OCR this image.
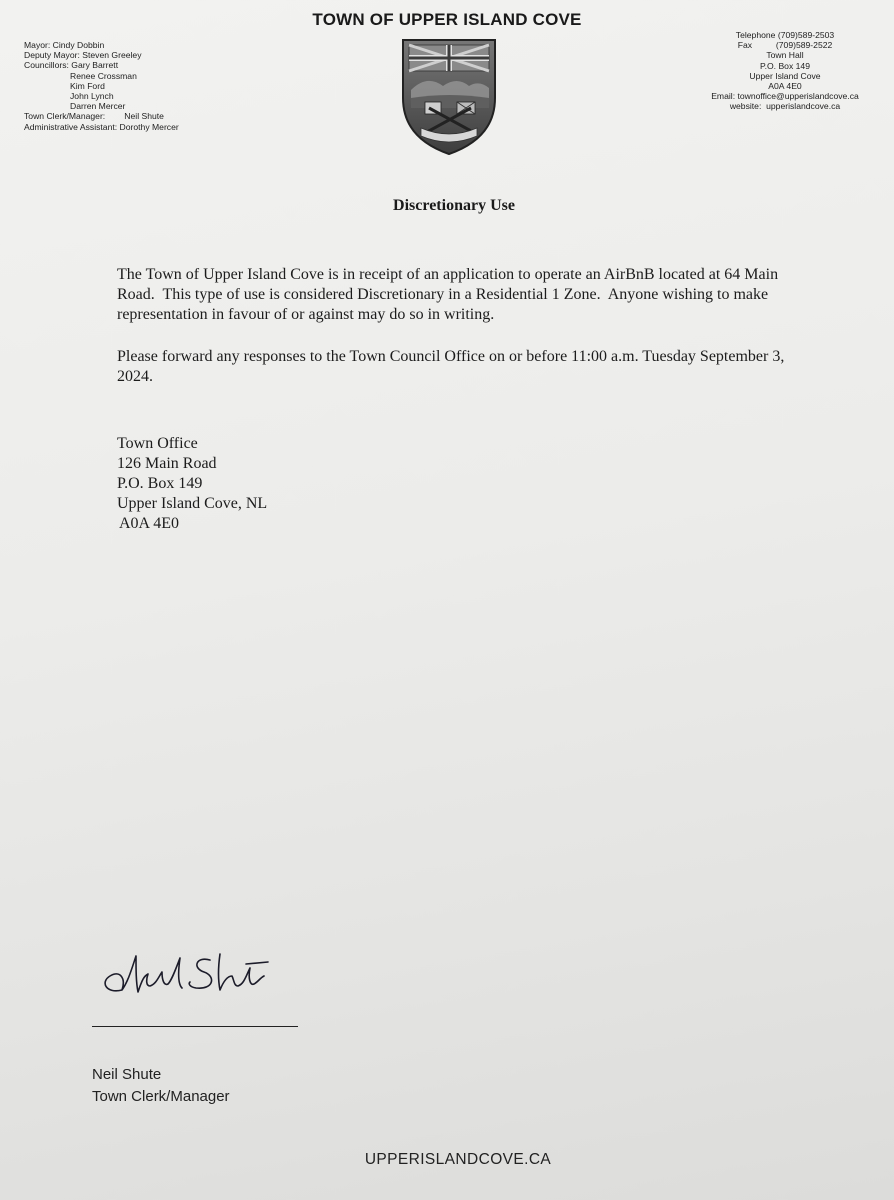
TOWN OF UPPER ISLAND COVE
Mayor: Cindy Dobbin
Deputy Mayor: Steven Greeley
Councillors: Gary Barrett
Renee Crossman
Kim Ford
John Lynch
Darren Mercer
Town Clerk/Manager:        Neil Shute
Administrative Assistant: Dorothy Mercer
Telephone (709)589-2503
Fax          (709)589-2522
Town Hall
P.O. Box 149
Upper Island Cove
A0A 4E0
Email: townoffice@upperislandcove.ca
website:  upperislandcove.ca
Discretionary Use
The Town of Upper Island Cove is in receipt of an application to operate an AirBnB located at 64 Main Road.  This type of use is considered Discretionary in a Residential 1 Zone.  Anyone wishing to make representation in favour of or against may do so in writing.
Please forward any responses to the Town Council Office on or before 11:00 a.m. Tuesday September 3, 2024.
Town Office
126 Main Road
P.O. Box 149
Upper Island Cove, NL
A0A 4E0
Neil Shute
Town Clerk/Manager
UPPERISLANDCOVE.CA
